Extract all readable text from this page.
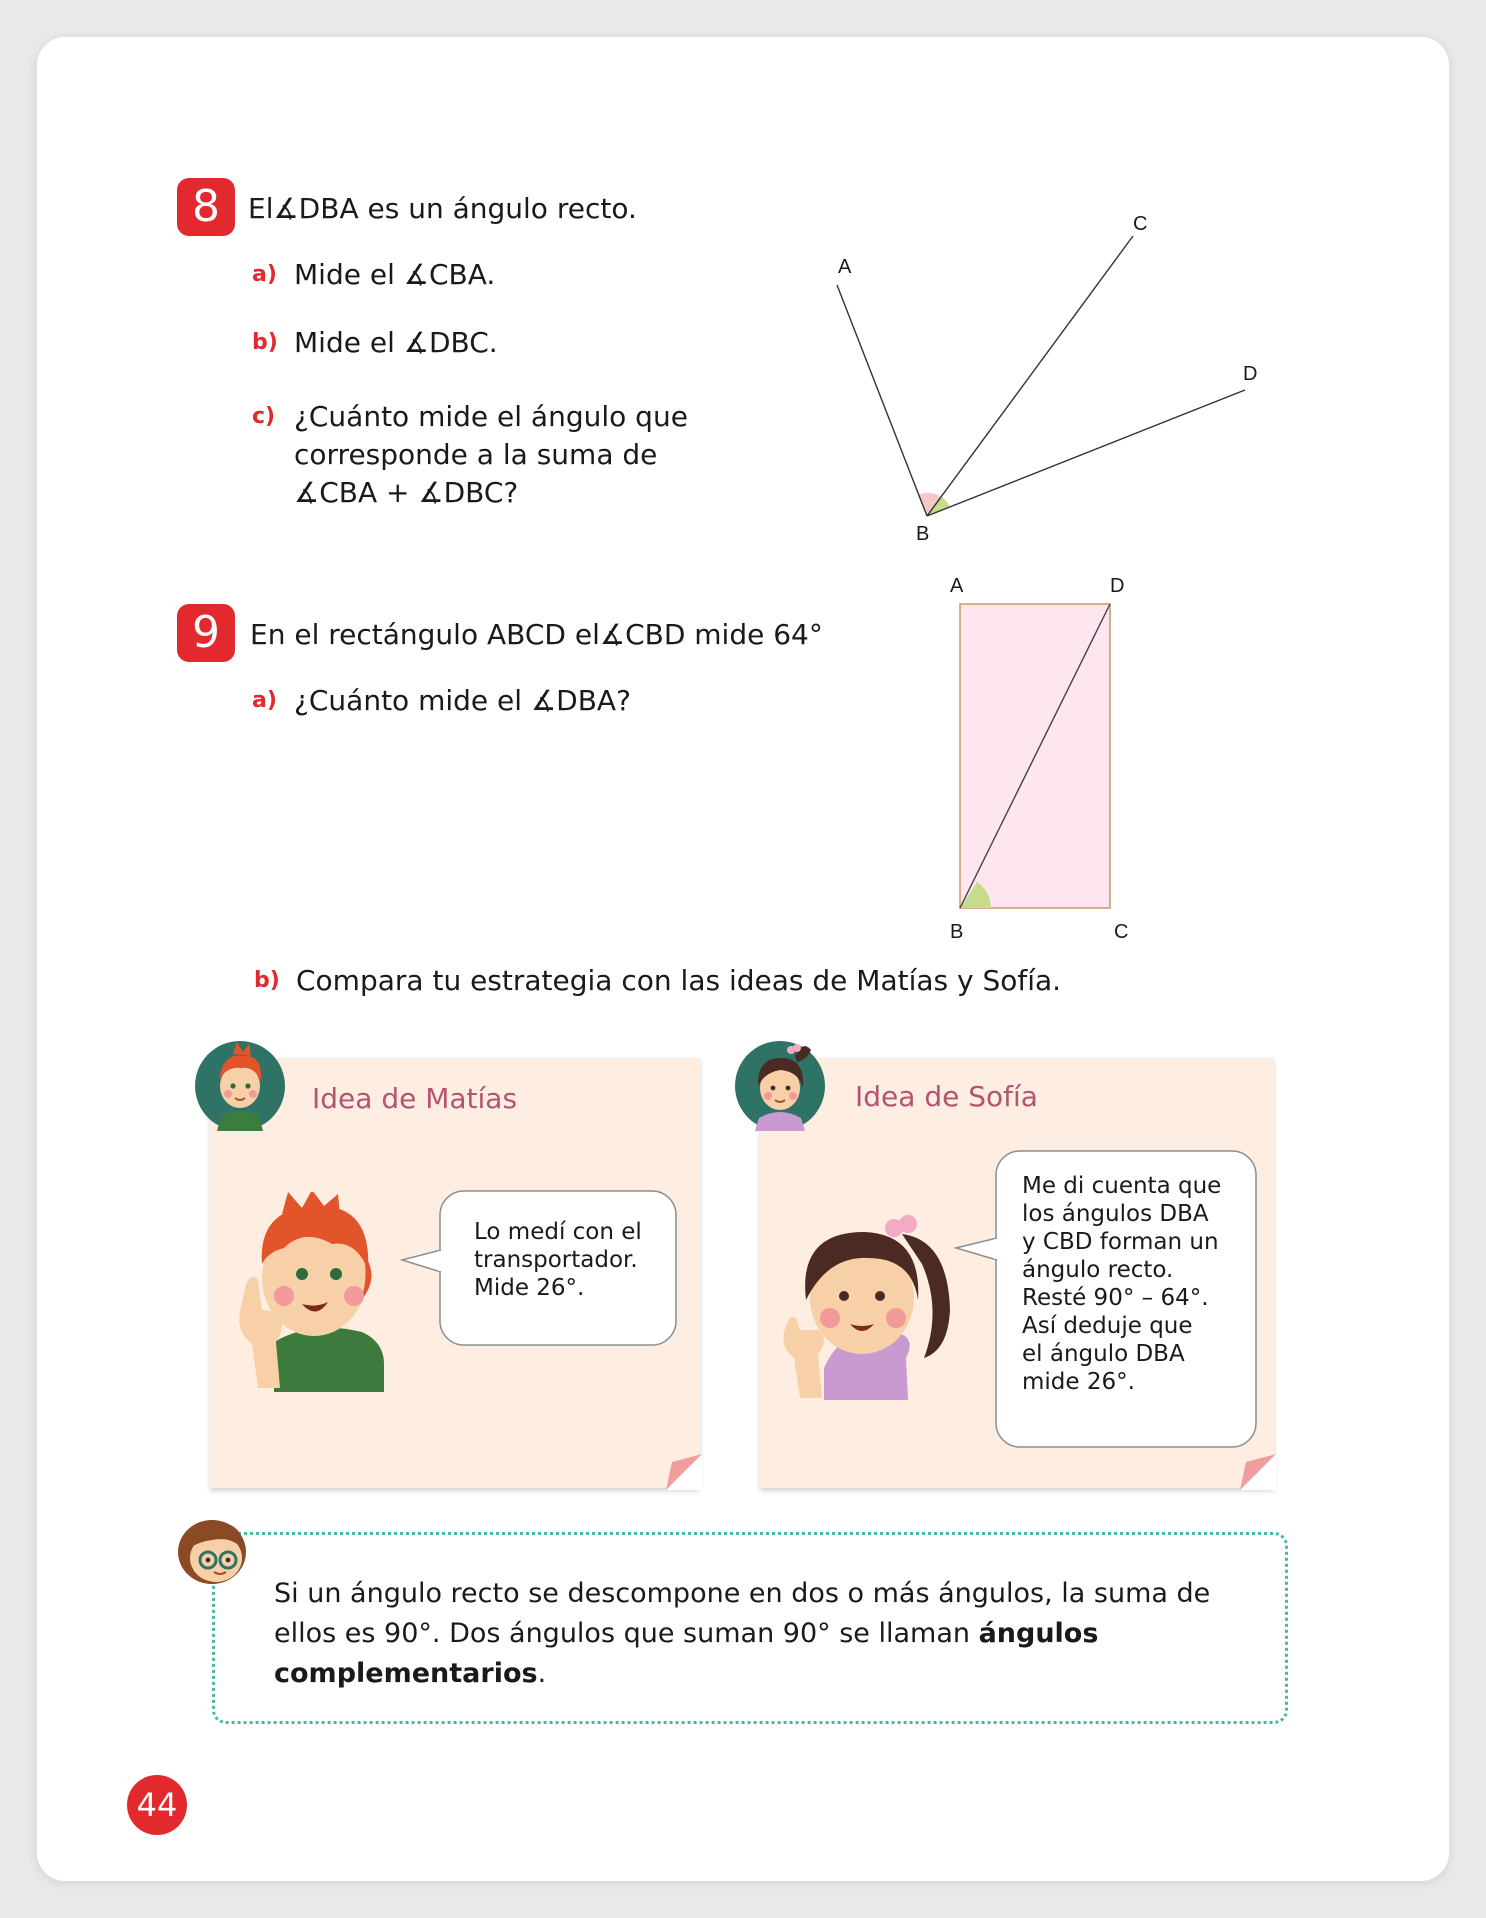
8	El∡DBA es un ángulo recto.
a) Mide el ∡CBA.
b) Mide el ∡DBC.
c) ¿Cuánto mide el ángulo que
corresponde a la suma de
∡CBA + ∡DBC?
A
C
D
B
9	En el rectángulo ABCD el∡CBD mide 64°
a) ¿Cuánto mide el ∡DBA?
A	D
B	C
b) Compara tu estrategia con las ideas de Matías y Sofía.
Idea de Matías
Lo medí con el
transportador.
Mide 26°.
Idea de Sofía
Me di cuenta que
los ángulos DBA
y CBD forman un
ángulo recto.
Resté 90° – 64°.
Así deduje que
el ángulo DBA
mide 26°.
Si un ángulo recto se descompone en dos o más ángulos, la suma de ellos es 90°. Dos ángulos que suman 90° se llaman ángulos complementarios.
44
